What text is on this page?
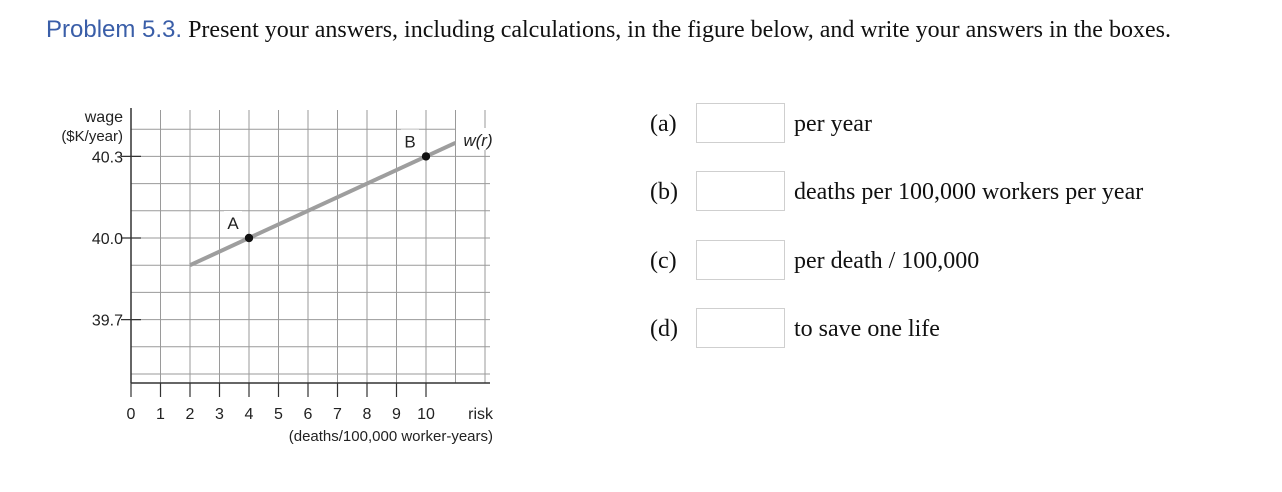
Problem 5.3. Present your answers, including calculations, in the figure below, and write your answers in the boxes.
40.3
40.0
39.7
0 1 2 3 4 5 6 7 8 9 10
wage
($K/year)
risk
(deaths/100,000 worker-years)
w(r)
A
B
(a)	per year
(b)	deaths per 100,000 workers per year
(c)	per death / 100,000
(d)	to save one life
